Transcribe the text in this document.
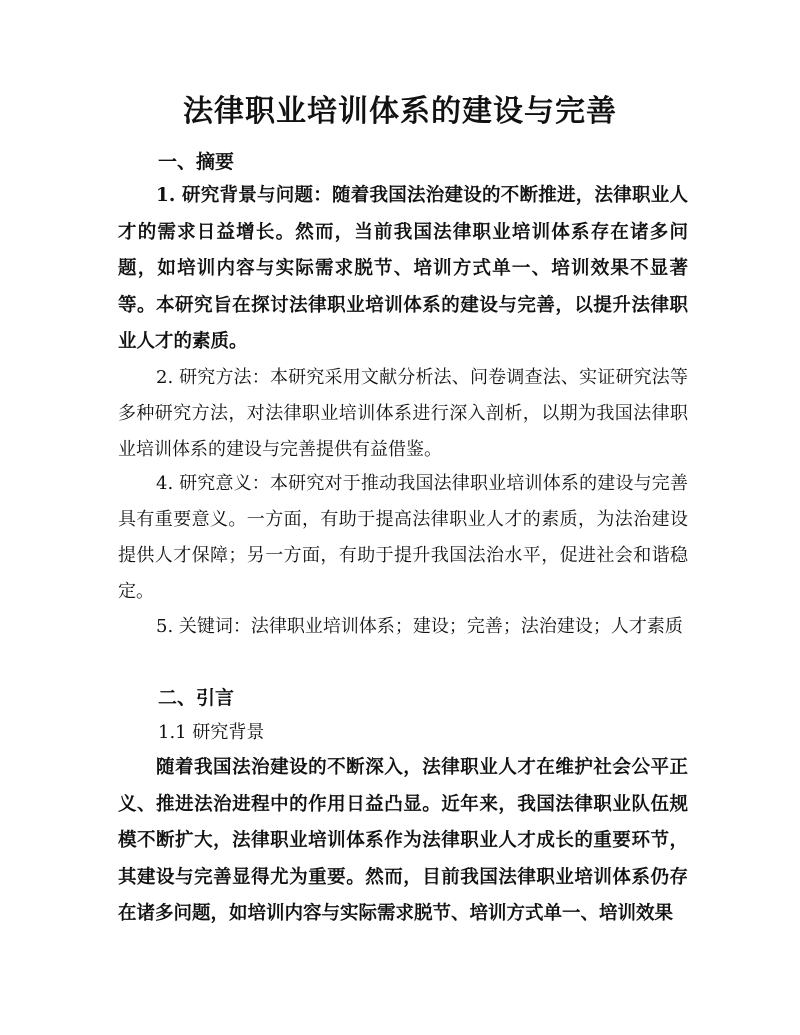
法律职业培训体系的建设与完善
一、摘要
1. 研究背景与问题：随着我国法治建设的不断推进，法律职业人才的需求日益增长。然而，当前我国法律职业培训体系存在诸多问题，如培训内容与实际需求脱节、培训方式单一、培训效果不显著等。本研究旨在探讨法律职业培训体系的建设与完善，以提升法律职业人才的素质。
2. 研究方法：本研究采用文献分析法、问卷调查法、实证研究法等多种研究方法，对法律职业培训体系进行深入剖析，以期为我国法律职业培训体系的建设与完善提供有益借鉴。
4. 研究意义：本研究对于推动我国法律职业培训体系的建设与完善具有重要意义。一方面，有助于提高法律职业人才的素质，为法治建设提供人才保障；另一方面，有助于提升我国法治水平，促进社会和谐稳定。
5. 关键词：法律职业培训体系；建设；完善；法治建设；人才素质
二、引言
1.1 研究背景
随着我国法治建设的不断深入，法律职业人才在维护社会公平正义、推进法治进程中的作用日益凸显。近年来，我国法律职业队伍规模不断扩大，法律职业培训体系作为法律职业人才成长的重要环节，其建设与完善显得尤为重要。然而，目前我国法律职业培训体系仍存在诸多问题，如培训内容与实际需求脱节、培训方式单一、培训效果
